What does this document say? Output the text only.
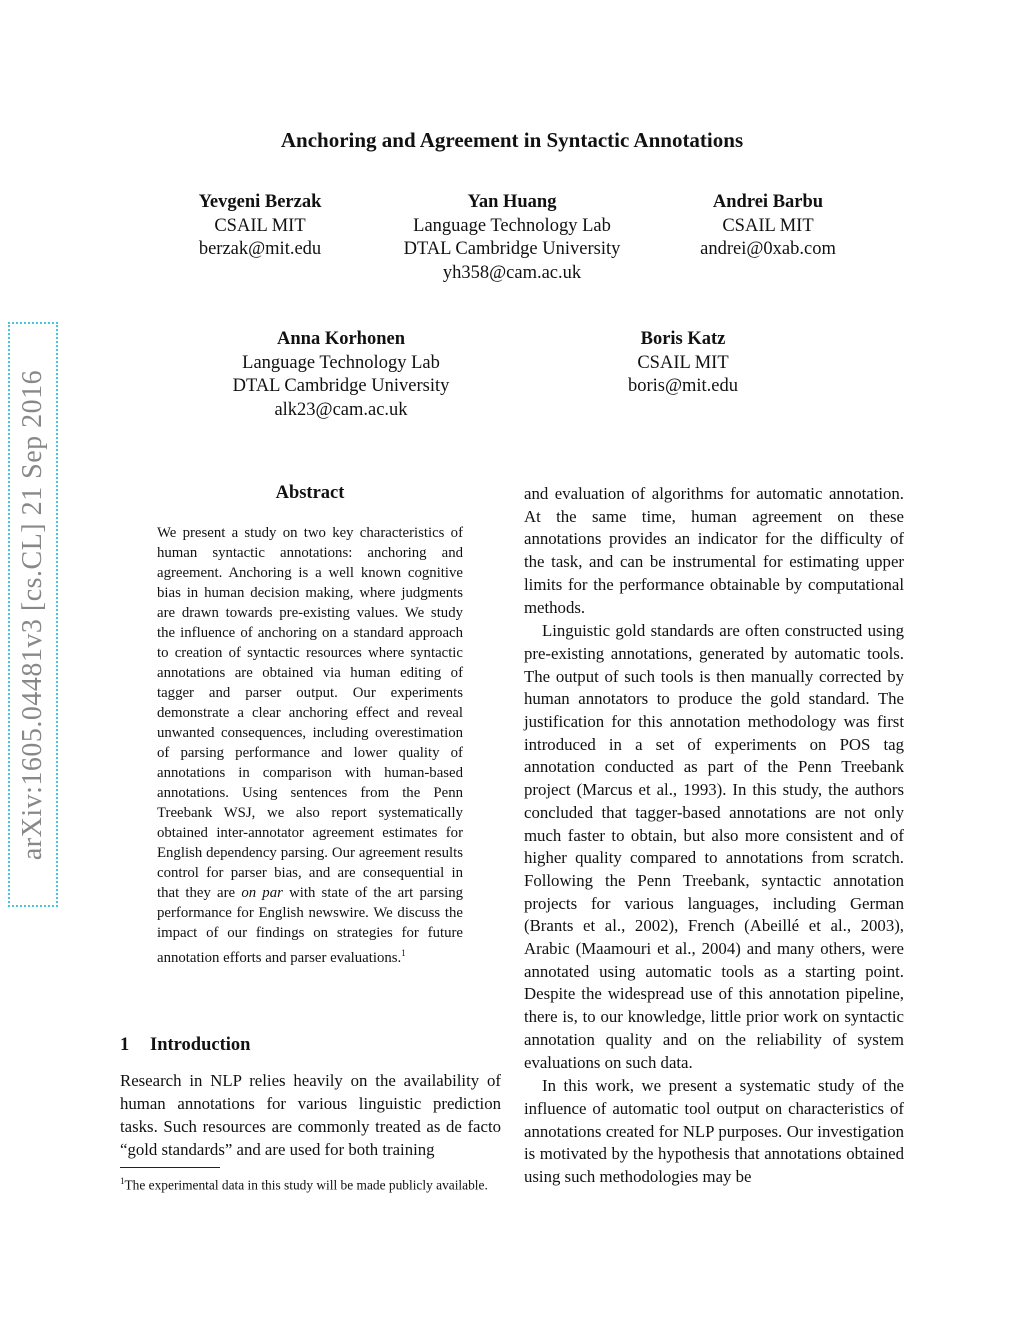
arXiv:1605.04481v3 [cs.CL] 21 Sep 2016
Anchoring and Agreement in Syntactic Annotations
Yevgeni Berzak
CSAIL MIT
berzak@mit.edu
Yan Huang
Language Technology Lab
DTAL Cambridge University
yh358@cam.ac.uk
Andrei Barbu
CSAIL MIT
andrei@0xab.com
Anna Korhonen
Language Technology Lab
DTAL Cambridge University
alk23@cam.ac.uk
Boris Katz
CSAIL MIT
boris@mit.edu
Abstract
We present a study on two key characteristics of human syntactic annotations: anchoring and agreement. Anchoring is a well known cognitive bias in human decision making, where judgments are drawn towards pre-existing values. We study the influence of anchoring on a standard approach to creation of syntactic resources where syntactic annotations are obtained via human editing of tagger and parser output. Our experiments demonstrate a clear anchoring effect and reveal unwanted consequences, including overestimation of parsing performance and lower quality of annotations in comparison with human-based annotations. Using sentences from the Penn Treebank WSJ, we also report systematically obtained inter-annotator agreement estimates for English dependency parsing. Our agreement results control for parser bias, and are consequential in that they are on par with state of the art parsing performance for English newswire. We discuss the impact of our findings on strategies for future annotation efforts and parser evaluations.$^1$
1 Introduction
Research in NLP relies heavily on the availability of human annotations for various linguistic prediction tasks. Such resources are commonly treated as de facto “gold standards” and are used for both training
$^1$The experimental data in this study will be made publicly available.

and evaluation of algorithms for automatic annotation. At the same time, human agreement on these annotations provides an indicator for the difficulty of the task, and can be instrumental for estimating upper limits for the performance obtainable by computational methods.

Linguistic gold standards are often constructed using pre-existing annotations, generated by automatic tools. The output of such tools is then manually corrected by human annotators to produce the gold standard. The justification for this annotation methodology was first introduced in a set of experiments on POS tag annotation conducted as part of the Penn Treebank project (Marcus et al., 1993). In this study, the authors concluded that tagger-based annotations are not only much faster to obtain, but also more consistent and of higher quality compared to annotations from scratch. Following the Penn Treebank, syntactic annotation projects for various languages, including German (Brants et al., 2002), French (Abeillé et al., 2003), Arabic (Maamouri et al., 2004) and many others, were annotated using automatic tools as a starting point. Despite the widespread use of this annotation pipeline, there is, to our knowledge, little prior work on syntactic annotation quality and on the reliability of system evaluations on such data.

In this work, we present a systematic study of the influence of automatic tool output on characteristics of annotations created for NLP purposes. Our investigation is motivated by the hypothesis that annotations obtained using such methodologies may be
